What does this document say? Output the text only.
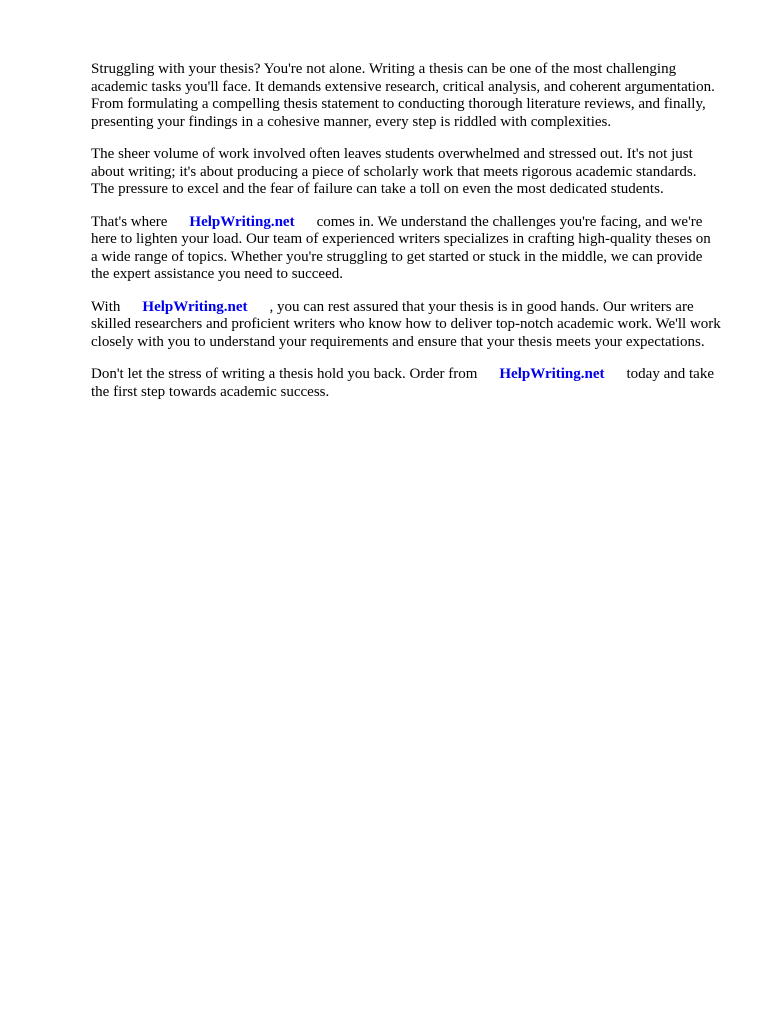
Struggling with your thesis? You're not alone. Writing a thesis can be one of the most challenging academic tasks you'll face. It demands extensive research, critical analysis, and coherent argumentation. From formulating a compelling thesis statement to conducting thorough literature reviews, and finally, presenting your findings in a cohesive manner, every step is riddled with complexities.

The sheer volume of work involved often leaves students overwhelmed and stressed out. It's not just about writing; it's about producing a piece of scholarly work that meets rigorous academic standards. The pressure to excel and the fear of failure can take a toll on even the most dedicated students.

That's where HelpWriting.net comes in. We understand the challenges you're facing, and we're here to lighten your load. Our team of experienced writers specializes in crafting high-quality theses on a wide range of topics. Whether you're struggling to get started or stuck in the middle, we can provide the expert assistance you need to succeed.

With HelpWriting.net , you can rest assured that your thesis is in good hands. Our writers are skilled researchers and proficient writers who know how to deliver top-notch academic work. We'll work closely with you to understand your requirements and ensure that your thesis meets your expectations.

Don't let the stress of writing a thesis hold you back. Order from HelpWriting.net today and take the first step towards academic success.
